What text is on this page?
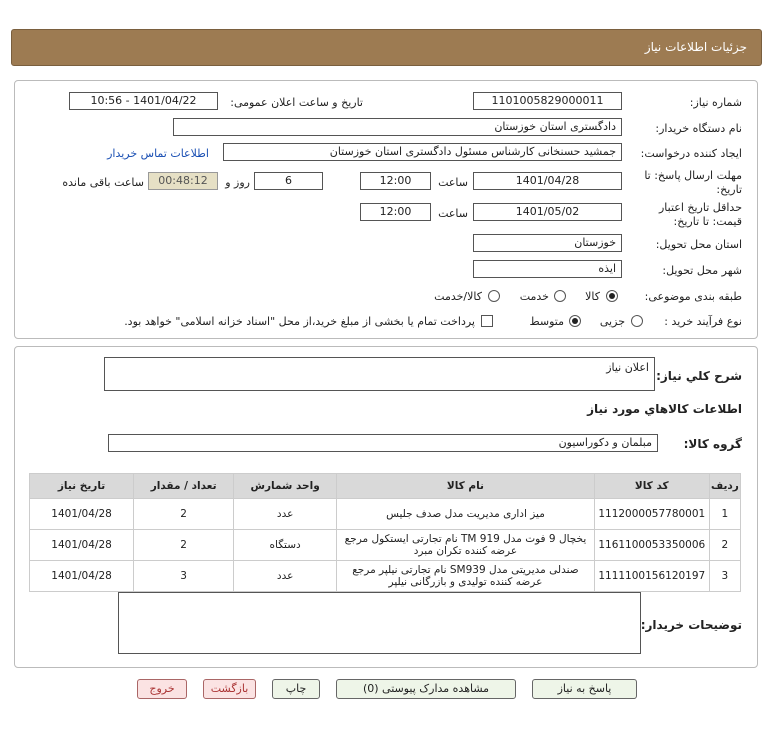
جزئیات اطلاعات نیاز
شماره نیاز:
1101005829000011
تاریخ و ساعت اعلان عمومی:
1401/04/22 - 10:56
نام دستگاه خریدار:
دادگستری استان خوزستان
ایجاد کننده درخواست:
جمشید حسنخانی کارشناس مسئول دادگستری استان خوزستان
اطلاعات تماس خریدار
مهلت ارسال پاسخ: تا
تاریخ:
1401/04/28
ساعت
12:00
6
روز و
00:48:12
ساعت باقی مانده
حداقل تاریخ اعتبار
قیمت: تا تاریخ:
1401/05/02
ساعت
12:00
استان محل تحویل:
خوزستان
شهر محل تحویل:
ایذه
طبقه بندی موضوعی:
کالا
خدمت
کالا/خدمت
نوع فرآیند خرید :
جزیی
متوسط
پرداخت تمام یا بخشی از مبلغ خرید،از محل "اسناد خزانه اسلامی" خواهد بود.
شرح کلي نياز:
اعلان نیاز
اطلاعات کالاهاي مورد نياز
گروه کالا:
مبلمان و دکوراسیون
ردیف	کد کالا	نام کالا	واحد شمارش	تعداد / مقدار	تاریخ نیاز
1	1112000057780001	میز اداری مدیریت مدل صدف جلیس	عدد	2	1401/04/28
2	1161100053350006	یخچال 9 فوت مدل TM 919 نام تجارتی ایستکول مرجع عرضه کننده تکران مبرد	دستگاه	2	1401/04/28
3	1111100156120197	صندلی مدیریتی مدل SM939 نام تجارتی نیلپر مرجع عرضه کننده تولیدی و بازرگانی نیلپر	عدد	3	1401/04/28
توضیحات خریدار:
پاسخ به نیاز
مشاهده مدارک پیوستی (0)
چاپ
بازگشت
خروج
